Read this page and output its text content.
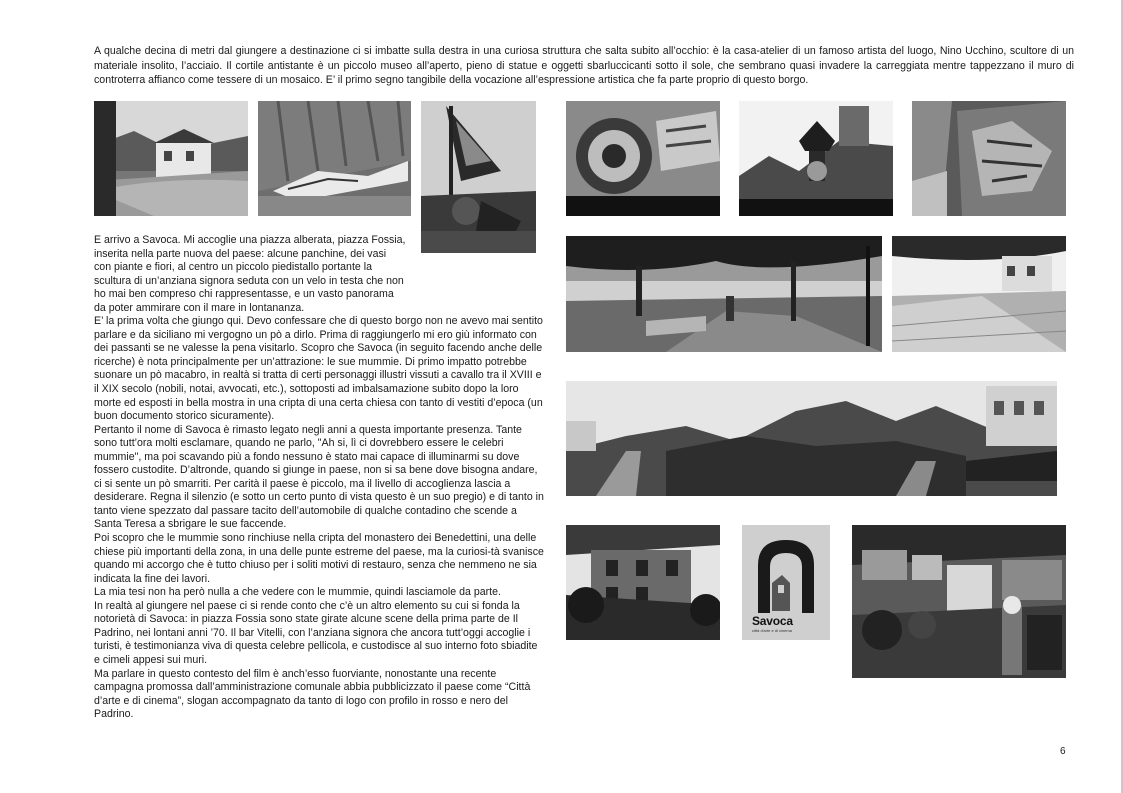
A qualche decina di metri dal giungere a destinazione ci si imbatte sulla destra in una curiosa struttura che salta subito all’occhio: è la casa-atelier di un famoso artista del luogo, Nino Ucchino, scultore di un materiale insolito, l’acciaio. Il cortile antistante è un piccolo museo all’aperto, pieno di statue e oggetti sbarluccicanti sotto il sole, che sembrano quasi invadere la carreggiata mentre tappezzano il muro di controterra affianco come tessere di un mosaico. E’ il primo segno tangibile della vocazione all’espressione artistica che fa parte proprio di questo borgo.

Savoca
città d'arte e di cinema

E arrivo a Savoca. Mi accoglie una piazza alberata, piazza Fossia, inserita nella parte nuova del paese: alcune panchine, dei vasi con piante e fiori, al centro un piccolo piedistallo portante la scultura di un’anziana signora seduta con un velo in testa che non ho mai ben compreso chi rappresentasse, e un vasto panorama da poter ammirare con il mare in lontananza.

E’ la prima volta che giungo qui. Devo confessare che di questo borgo non ne avevo mai sentito parlare e da siciliano mi vergogno un pò a dirlo. Prima di raggiungerlo mi ero giù informato con dei passanti se ne valesse la pena visitarlo. Scopro che Savoca (in seguito facendo anche delle ricerche) è nota principalmente per un’attrazione: le sue mummie. Di primo impatto potrebbe suonare un pò macabro, in realtà si tratta di certi personaggi illustri vissuti a cavallo tra il XVIII e il XIX secolo (nobili, notai, avvocati, etc.), sottoposti ad imbalsamazione subito dopo la loro morte ed esposti in bella mostra in una cripta di una certa chiesa con tanto di vestiti d’epoca (un buon documento storico sicuramente).

Pertanto il nome di Savoca è rimasto legato negli anni a questa importante presenza. Tante sono tutt’ora molti esclamare, quando ne parlo, "Ah si, lì ci dovrebbero essere le celebri mummie", ma poi scavando più a fondo nessuno è stato mai capace di illuminarmi su dove fossero custodite. D’altronde, quando si giunge in paese, non si sa bene dove bisogna andare, ci si sente un pò smarriti. Per carità il paese è piccolo, ma il livello di accoglienza lascia a desiderare. Regna il silenzio (e sotto un certo punto di vista questo è un suo pregio) e di tanto in tanto viene spezzato dal passare tacito dell’automobile di qualche contadino che scende a Santa Teresa a sbrigare le sue faccende.

Poi scopro che le mummie sono rinchiuse nella cripta del monastero dei Benedettini, una delle chiese più importanti della zona, in una delle punte estreme del paese, ma la curiosi-tà svanisce quando mi accorgo che è tutto chiuso per i soliti motivi di restauro, senza che nemmeno ne sia indicata la fine dei lavori.

La mia tesi non ha però nulla a che vedere con le mummie, quindi lasciamole da parte.

In realtà al giungere nel paese ci si rende conto che c’è un altro elemento su cui si fonda la notorietà di Savoca: in piazza Fossia sono state girate alcune scene della prima parte de Il Padrino, nei lontani anni ’70. Il bar Vitelli, con l’anziana signora che ancora tutt’oggi accoglie i turisti, è testimonianza viva di questa celebre pellicola, e custodisce al suo interno foto sbiadite e cimeli appesi sui muri.

Ma parlare in questo contesto del film è anch’esso fuorviante, nonostante una recente campagna promossa dall’amministrazione comunale abbia pubblicizzato il paese come “Città d’arte e di cinema”, slogan accompagnato da tanto di logo con profilo in rosso e nero del Padrino.

6
